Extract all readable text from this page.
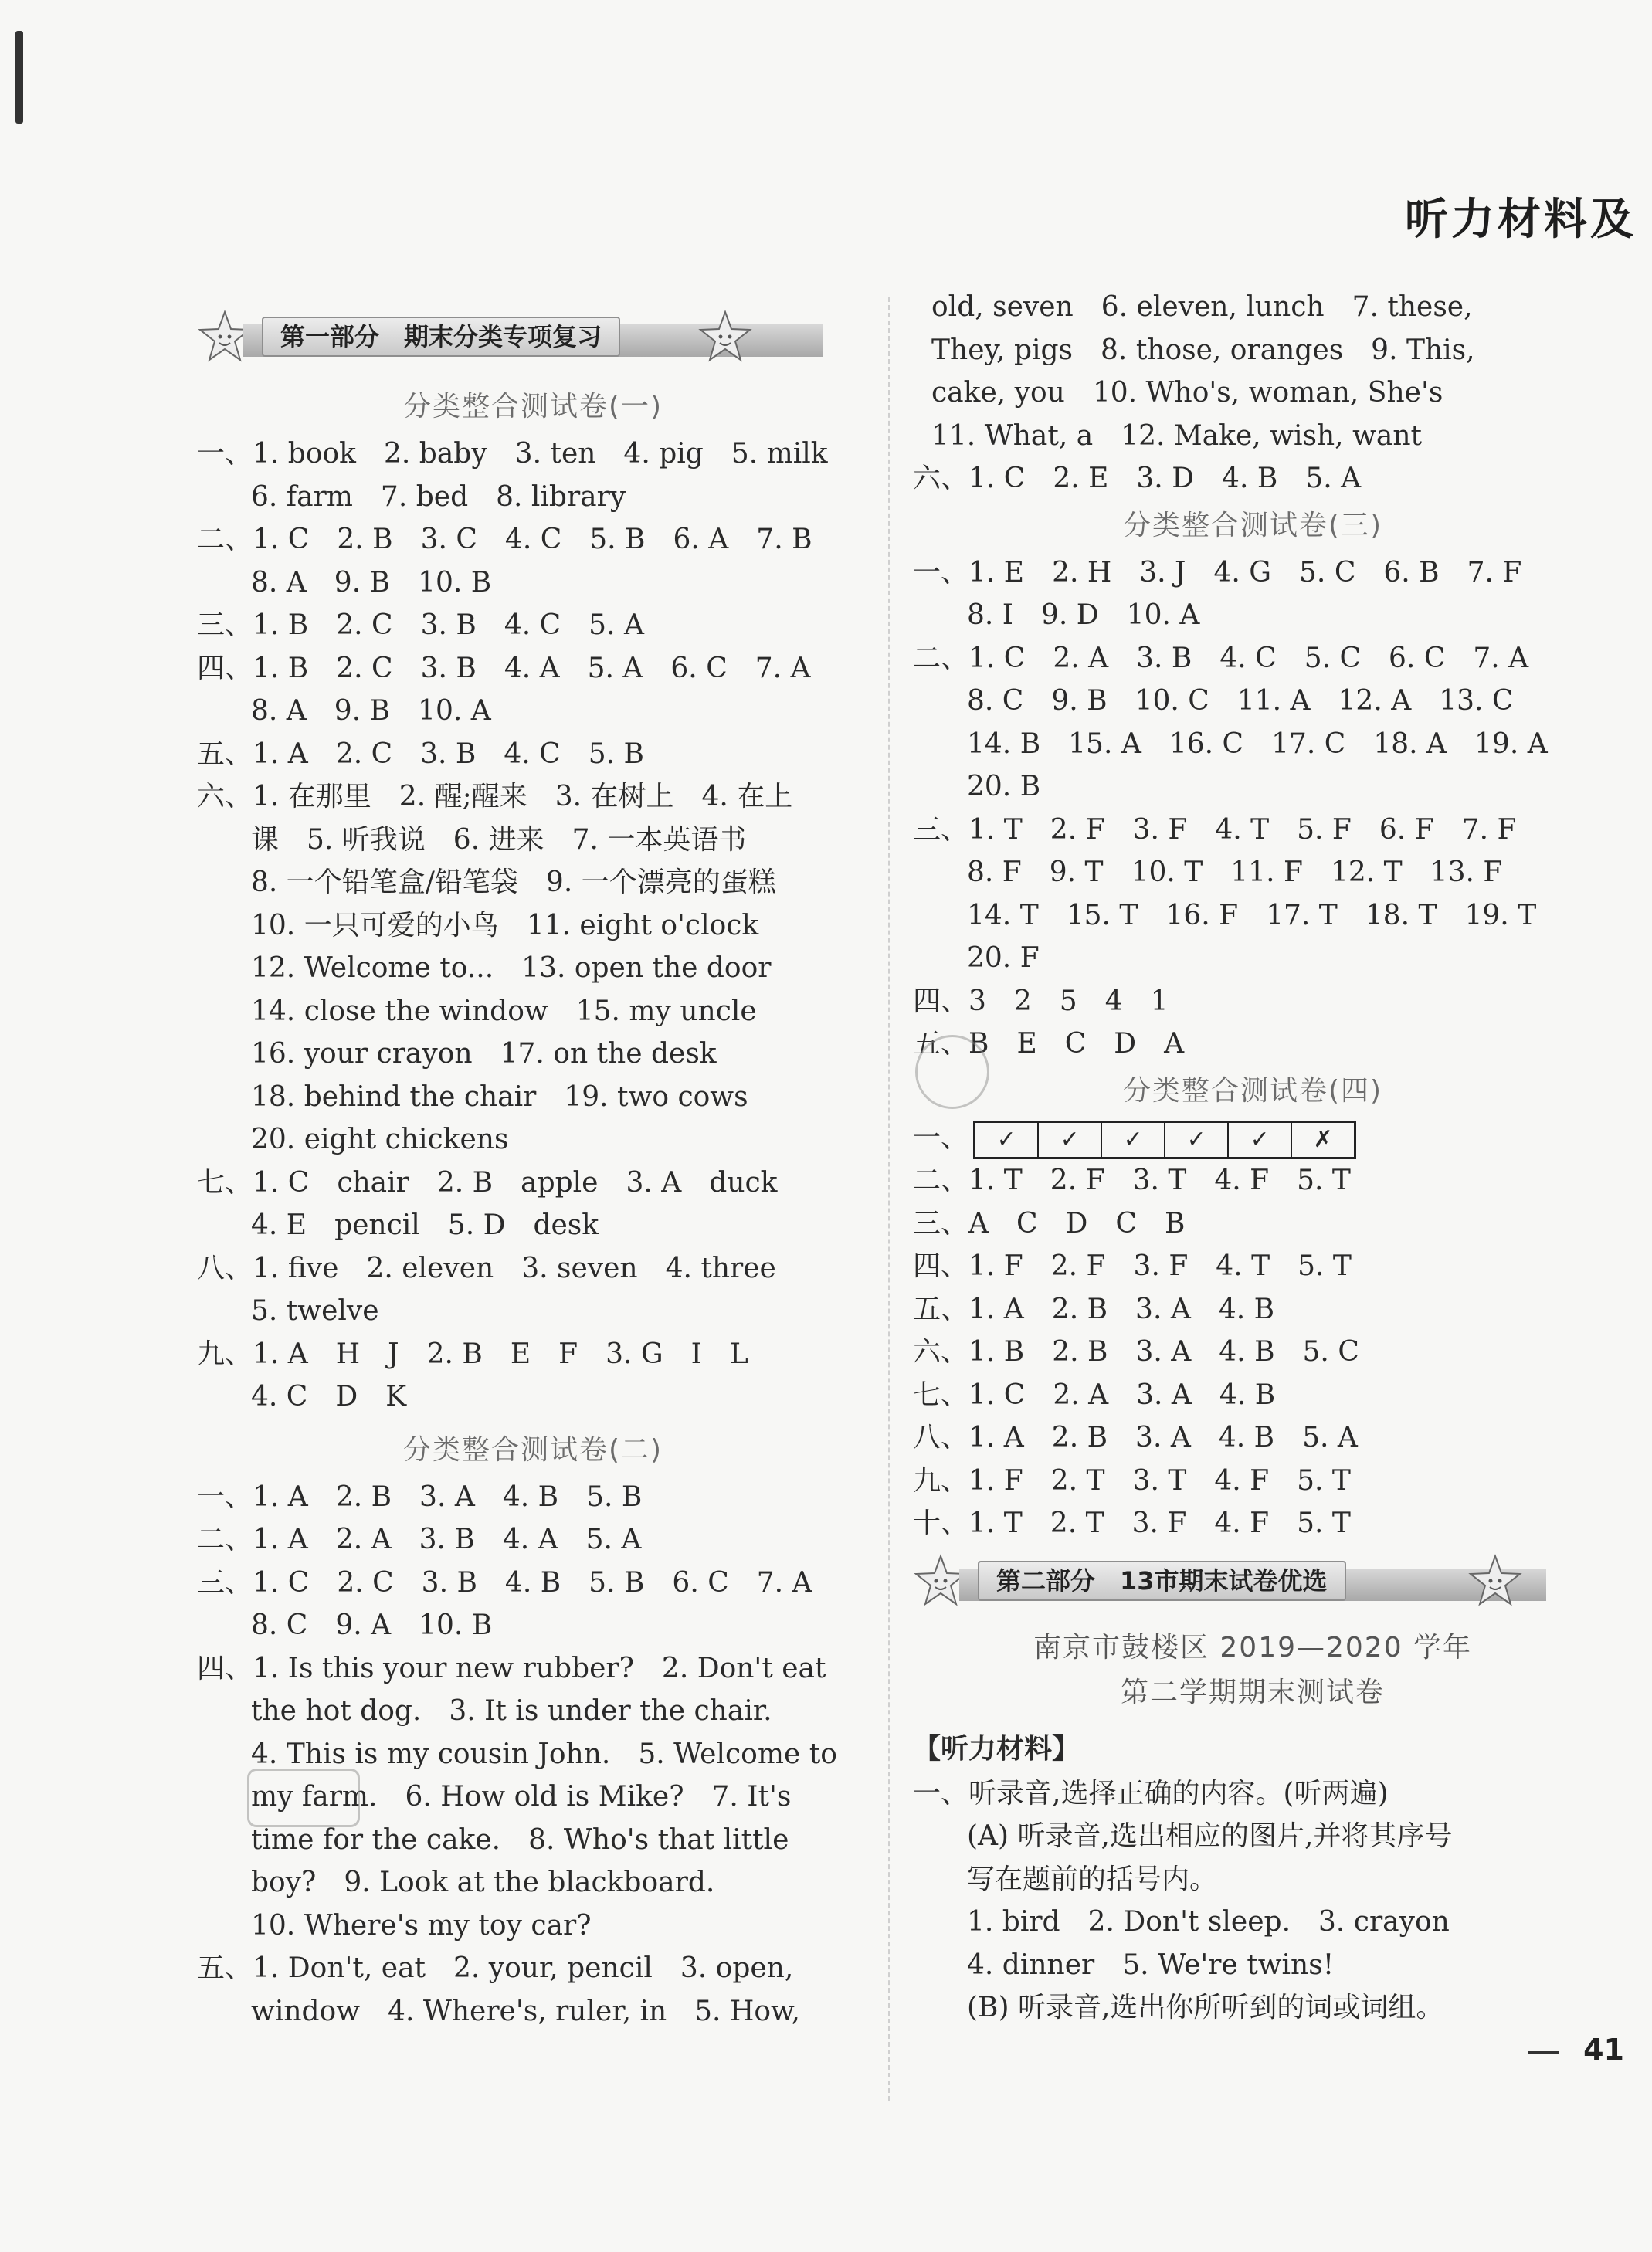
听力材料及
第一部分　期末分类专项复习
分类整合测试卷(一)
一、1. book　2. baby　3. ten　4. pig　5. milk
6. farm　7. bed　8. library
二、1. C　2. B　3. C　4. C　5. B　6. A　7. B
8. A　9. B　10. B
三、1. B　2. C　3. B　4. C　5. A
四、1. B　2. C　3. B　4. A　5. A　6. C　7. A
8. A　9. B　10. A
五、1. A　2. C　3. B　4. C　5. B
六、1. 在那里　2. 醒;醒来　3. 在树上　4. 在上
课　5. 听我说　6. 进来　7. 一本英语书
8. 一个铅笔盒/铅笔袋　9. 一个漂亮的蛋糕
10. 一只可爱的小鸟　11. eight o'clock
12. Welcome to...　13. open the door
14. close the window　15. my uncle
16. your crayon　17. on the desk
18. behind the chair　19. two cows
20. eight chickens
七、1. C　chair　2. B　apple　3. A　duck
4. E　pencil　5. D　desk
八、1. five　2. eleven　3. seven　4. three
5. twelve
九、1. A　H　J　2. B　E　F　3. G　I　L
4. C　D　K
分类整合测试卷(二)
一、1. A　2. B　3. A　4. B　5. B
二、1. A　2. A　3. B　4. A　5. A
三、1. C　2. C　3. B　4. B　5. B　6. C　7. A
8. C　9. A　10. B
四、1. Is this your new rubber?　2. Don't eat
the hot dog.　3. It is under the chair.
4. This is my cousin John.　5. Welcome to
my farm.　6. How old is Mike?　7. It's
time for the cake.　8. Who's that little
boy?　9. Look at the blackboard.
10. Where's my toy car?
五、1. Don't, eat　2. your, pencil　3. open,
window　4. Where's, ruler, in　5. How,
old, seven　6. eleven, lunch　7. these,
They, pigs　8. those, oranges　9. This,
cake, you　10. Who's, woman, She's
11. What, a　12. Make, wish, want
六、1. C　2. E　3. D　4. B　5. A
分类整合测试卷(三)
一、1. E　2. H　3. J　4. G　5. C　6. B　7. F
8. I　9. D　10. A
二、1. C　2. A　3. B　4. C　5. C　6. C　7. A
8. C　9. B　10. C　11. A　12. A　13. C
14. B　15. A　16. C　17. C　18. A　19. A
20. B
三、1. T　2. F　3. F　4. T　5. F　6. F　7. F
8. F　9. T　10. T　11. F　12. T　13. F
14. T　15. T　16. F　17. T　18. T　19. T
20. F
四、3　2　5　4　1
五、B　E　C　D　A
分类整合测试卷(四)
一、	✓	✓	✓	✓	✓	✗
二、1. T　2. F　3. T　4. F　5. T
三、A　C　D　C　B
四、1. F　2. F　3. F　4. T　5. T
五、1. A　2. B　3. A　4. B
六、1. B　2. B　3. A　4. B　5. C
七、1. C　2. A　3. A　4. B
八、1. A　2. B　3. A　4. B　5. A
九、1. F　2. T　3. T　4. F　5. T
十、1. T　2. T　3. F　4. F　5. T
第二部分　13市期末试卷优选
南京市鼓楼区 2019—2020 学年
第二学期期末测试卷
【听力材料】
一、听录音,选择正确的内容。(听两遍)
(A) 听录音,选出相应的图片,并将其序号
写在题前的括号内。
1. bird　2. Don't sleep.　3. crayon
4. dinner　5. We're twins!
(B) 听录音,选出你所听到的词或词组。
41
